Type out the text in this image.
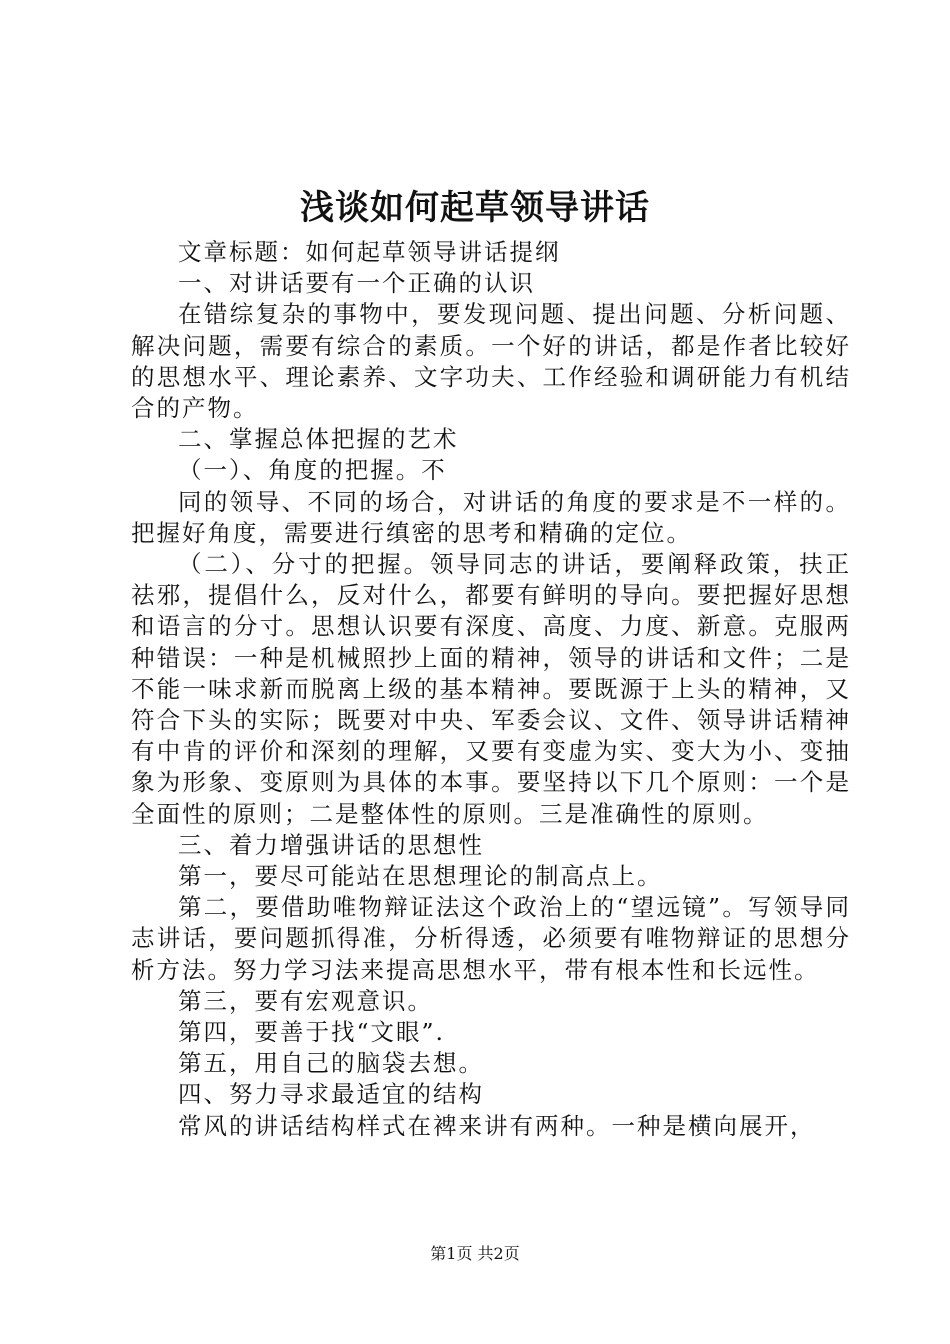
浅谈如何起草领导讲话

文章标题：如何起草领导讲话提纲

一、对讲话要有一个正确的认识

在错综复杂的事物中，要发现问题、提出问题、分析问题、解决问题，需要有综合的素质。一个好的讲话，都是作者比较好的思想水平、理论素养、文字功夫、工作经验和调研能力有机结合的产物。

二、掌握总体把握的艺术

（一）、角度的把握。不

同的领导、不同的场合，对讲话的角度的要求是不一样的。把握好角度，需要进行缜密的思考和精确的定位。

（二）、分寸的把握。领导同志的讲话，要阐释政策，扶正祛邪，提倡什么，反对什么，都要有鲜明的导向。要把握好思想和语言的分寸。思想认识要有深度、高度、力度、新意。克服两种错误：一种是机械照抄上面的精神，领导的讲话和文件；二是不能一味求新而脱离上级的基本精神。要既源于上头的精神，又符合下头的实际；既要对中央、军委会议、文件、领导讲话精神有中肯的评价和深刻的理解，又要有变虚为实、变大为小、变抽象为形象、变原则为具体的本事。要坚持以下几个原则：一个是全面性的原则；二是整体性的原则。三是准确性的原则。

三、着力增强讲话的思想性

第一，要尽可能站在思想理论的制高点上。

第二，要借助唯物辩证法这个政治上的“望远镜”。写领导同志讲话，要问题抓得准，分析得透，必须要有唯物辩证的思想分析方法。努力学习法来提高思想水平，带有根本性和长远性。

第三，要有宏观意识。

第四，要善于找“文眼”.

第五，用自己的脑袋去想。

四、努力寻求最适宜的结构

常风的讲话结构样式在裨来讲有两种。一种是横向展开，

第1页 共2页
